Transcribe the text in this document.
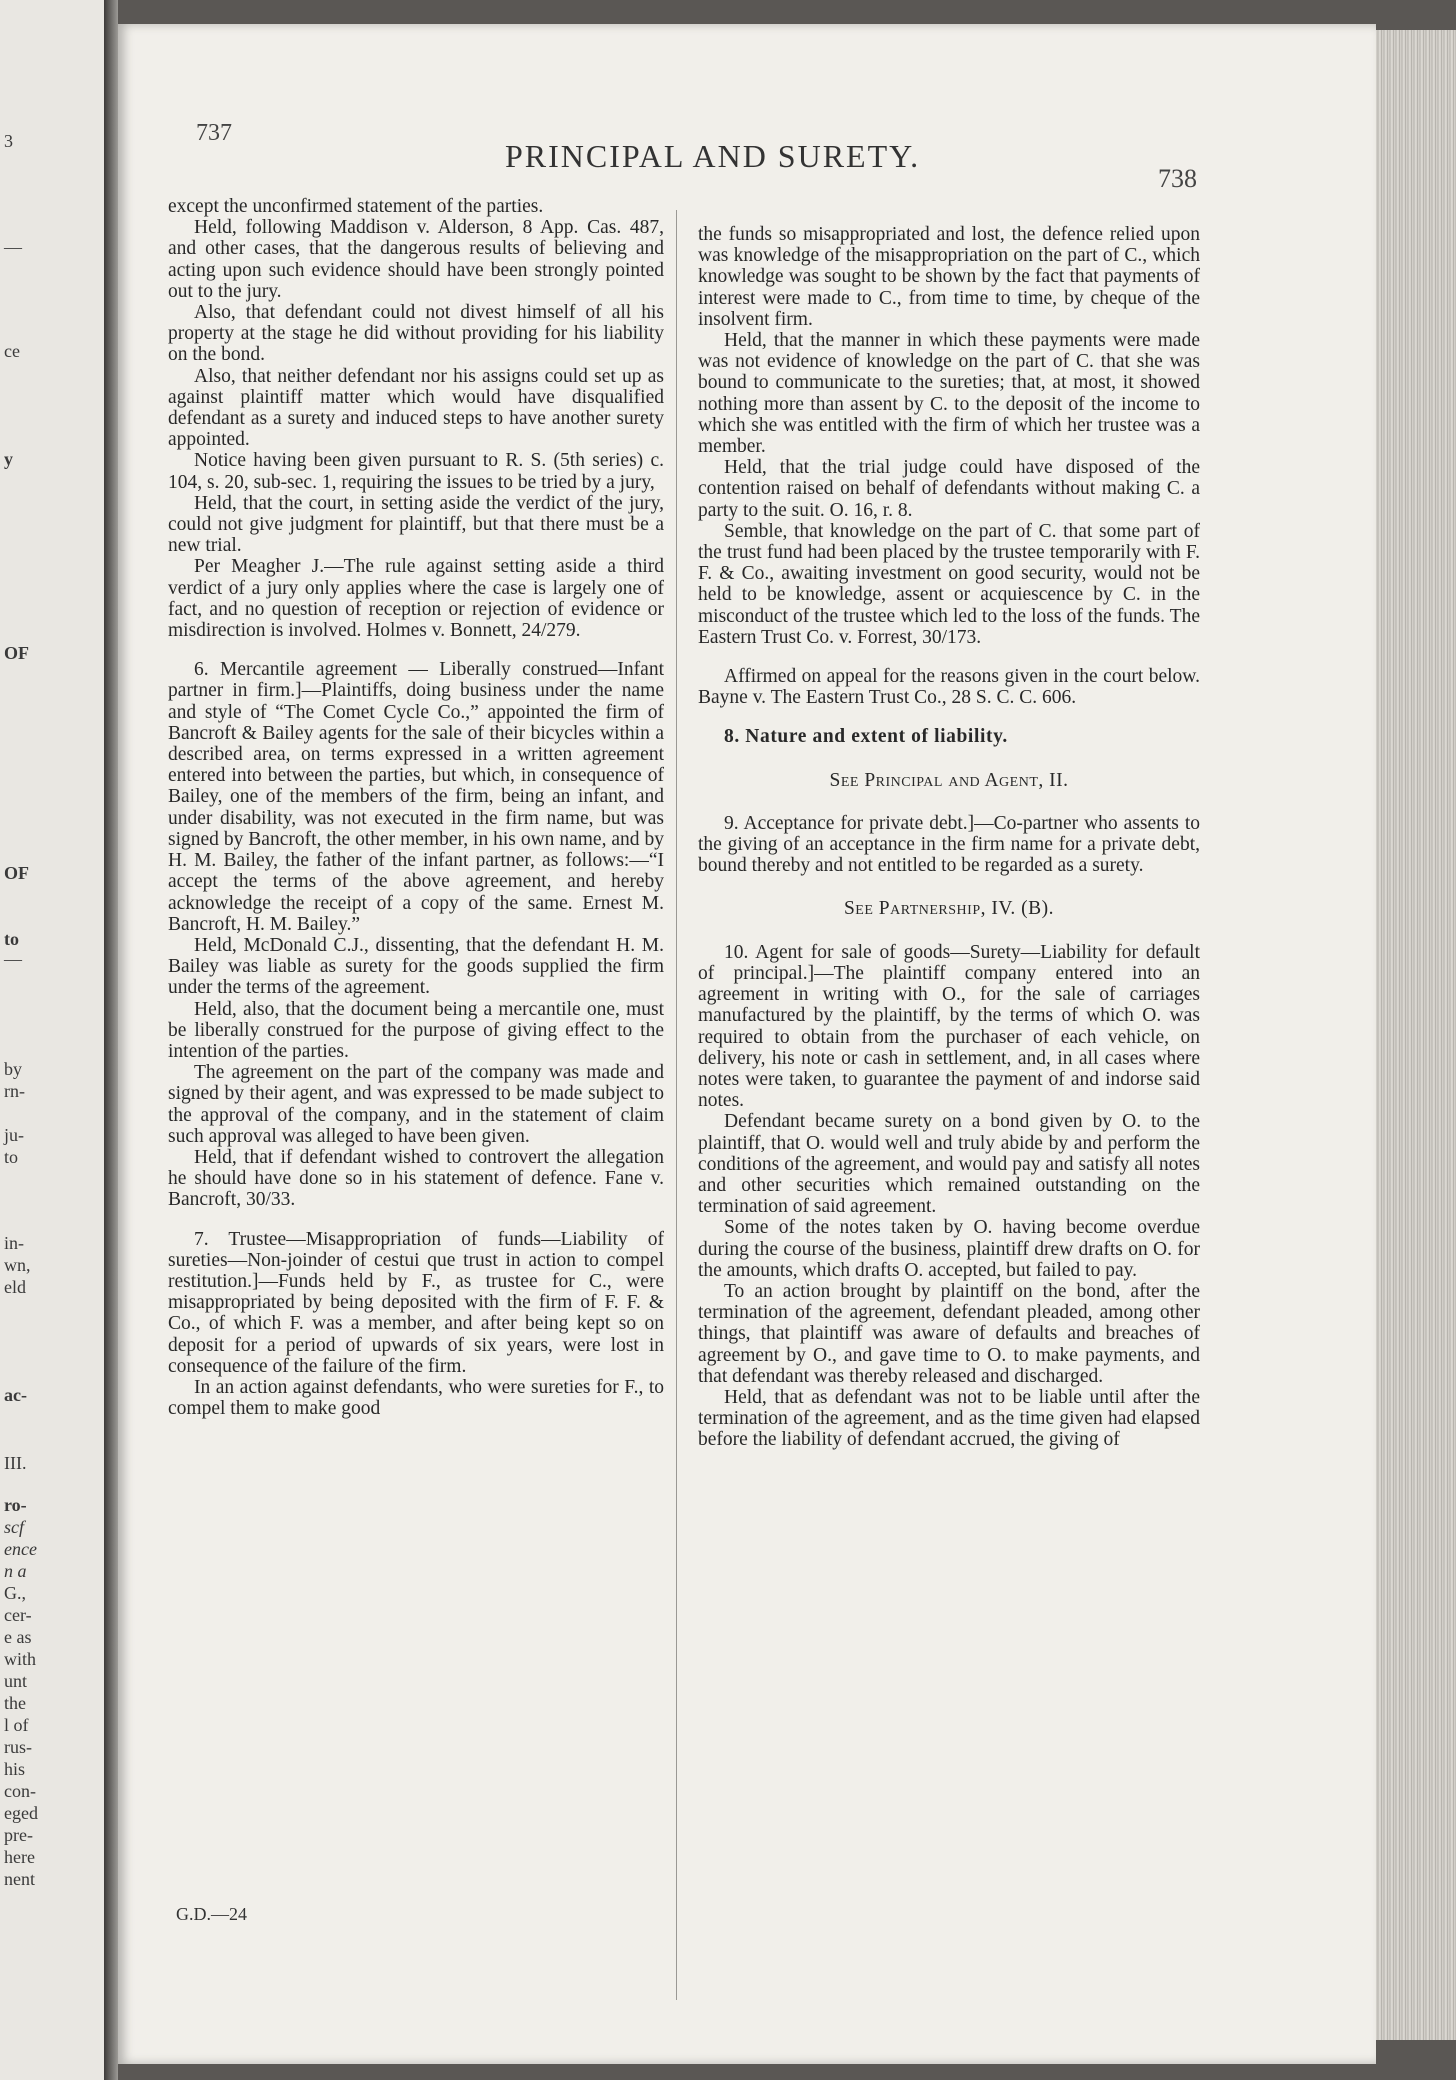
3
—
ce
y
OF
OF
to
—
by
rn-
ju-
to
in-
wn,
eld
ac-
III.
ro-
scf
ence
n a
G.,
cer-
e as
with
unt
the
l of
rus-
his
con-
eged
pre-
here
nent
737
PRINCIPAL AND SURETY.
738

except the unconfirmed statement of the parties.

Held, following Maddison v. Alderson, 8 App. Cas. 487, and other cases, that the dangerous results of believing and acting upon such evidence should have been strongly pointed out to the jury.

Also, that defendant could not divest himself of all his property at the stage he did without providing for his liability on the bond.

Also, that neither defendant nor his assigns could set up as against plaintiff matter which would have disqualified defendant as a surety and induced steps to have another surety appointed.

Notice having been given pursuant to R. S. (5th series) c. 104, s. 20, sub-sec. 1, requiring the issues to be tried by a jury,

Held, that the court, in setting aside the verdict of the jury, could not give judgment for plaintiff, but that there must be a new trial.

Per Meagher J.—The rule against setting aside a third verdict of a jury only applies where the case is largely one of fact, and no question of reception or rejection of evidence or misdirection is involved. Holmes v. Bonnett, 24/279.

6. Mercantile agreement — Liberally construed—Infant partner in firm.]—Plaintiffs, doing business under the name and style of “The Comet Cycle Co.,” appointed the firm of Bancroft & Bailey agents for the sale of their bicycles within a described area, on terms expressed in a written agreement entered into between the parties, but which, in consequence of Bailey, one of the members of the firm, being an infant, and under disability, was not executed in the firm name, but was signed by Bancroft, the other member, in his own name, and by H. M. Bailey, the father of the infant partner, as follows:—“I accept the terms of the above agreement, and hereby acknowledge the receipt of a copy of the same. Ernest M. Bancroft, H. M. Bailey.”

Held, McDonald C.J., dissenting, that the defendant H. M. Bailey was liable as surety for the goods supplied the firm under the terms of the agreement.

Held, also, that the document being a mercantile one, must be liberally construed for the purpose of giving effect to the intention of the parties.

The agreement on the part of the company was made and signed by their agent, and was expressed to be made subject to the approval of the company, and in the statement of claim such approval was alleged to have been given.

Held, that if defendant wished to controvert the allegation he should have done so in his statement of defence. Fane v. Bancroft, 30/33.

7. Trustee—Misappropriation of funds—Liability of sureties—Non-joinder of cestui que trust in action to compel restitution.]—Funds held by F., as trustee for C., were misappropriated by being deposited with the firm of F. F. & Co., of which F. was a member, and after being kept so on deposit for a period of upwards of six years, were lost in consequence of the failure of the firm.

In an action against defendants, who were sureties for F., to compel them to make good

G.D.—24

the funds so misappropriated and lost, the defence relied upon was knowledge of the misappropriation on the part of C., which knowledge was sought to be shown by the fact that payments of interest were made to C., from time to time, by cheque of the insolvent firm.

Held, that the manner in which these payments were made was not evidence of knowledge on the part of C. that she was bound to communicate to the sureties; that, at most, it showed nothing more than assent by C. to the deposit of the income to which she was entitled with the firm of which her trustee was a member.

Held, that the trial judge could have disposed of the contention raised on behalf of defendants without making C. a party to the suit. O. 16, r. 8.

Semble, that knowledge on the part of C. that some part of the trust fund had been placed by the trustee temporarily with F. F. & Co., awaiting investment on good security, would not be held to be knowledge, assent or acquiescence by C. in the misconduct of the trustee which led to the loss of the funds. The Eastern Trust Co. v. Forrest, 30/173.

Affirmed on appeal for the reasons given in the court below. Bayne v. The Eastern Trust Co., 28 S. C. C. 606.

8. Nature and extent of liability.

See Principal and Agent, II.

9. Acceptance for private debt.]—Co-partner who assents to the giving of an acceptance in the firm name for a private debt, bound thereby and not entitled to be regarded as a surety.

See Partnership, IV. (B).

10. Agent for sale of goods—Surety—Liability for default of principal.]—The plaintiff company entered into an agreement in writing with O., for the sale of carriages manufactured by the plaintiff, by the terms of which O. was required to obtain from the purchaser of each vehicle, on delivery, his note or cash in settlement, and, in all cases where notes were taken, to guarantee the payment of and indorse said notes.

Defendant became surety on a bond given by O. to the plaintiff, that O. would well and truly abide by and perform the conditions of the agreement, and would pay and satisfy all notes and other securities which remained outstanding on the termination of said agreement.

Some of the notes taken by O. having become overdue during the course of the business, plaintiff drew drafts on O. for the amounts, which drafts O. accepted, but failed to pay.

To an action brought by plaintiff on the bond, after the termination of the agreement, defendant pleaded, among other things, that plaintiff was aware of defaults and breaches of agreement by O., and gave time to O. to make payments, and that defendant was thereby released and discharged.

Held, that as defendant was not to be liable until after the termination of the agreement, and as the time given had elapsed before the liability of defendant accrued, the giving of
